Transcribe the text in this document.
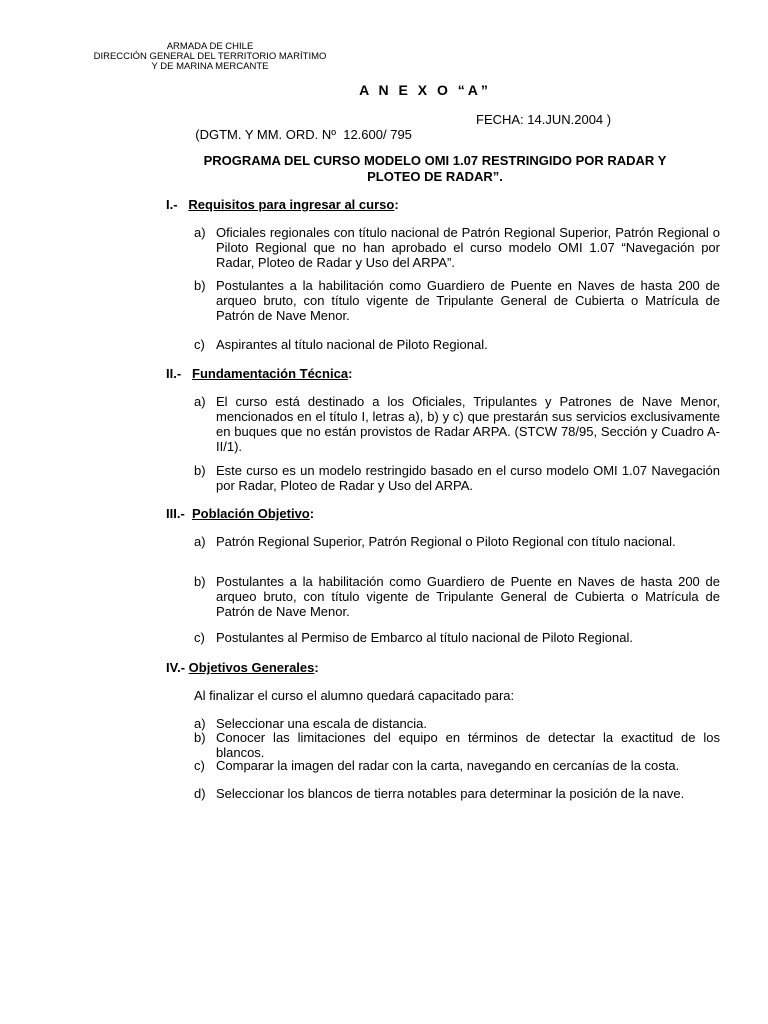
ARMADA DE CHILE
DIRECCIÓN GENERAL DEL TERRITORIO MARÍTIMO
Y DE MARINA MERCANTE
A N E X O “A”

(DGTM. Y MM. ORD. Nº  12.600/ 795

FECHA: 14.JUN.2004 )

PROGRAMA DEL CURSO MODELO OMI 1.07 RESTRINGIDO POR RADAR Y
PLOTEO DE RADAR”.
I.- Requisitos para ingresar al curso:
a) Oficiales regionales con título nacional de Patrón Regional Superior, Patrón Regional o Piloto Regional que no han aprobado el curso modelo OMI 1.07 “Navegación por Radar, Ploteo de Radar y Uso del ARPA”.
b) Postulantes a la habilitación como Guardiero de Puente en Naves de hasta 200 de arqueo bruto, con título vigente de Tripulante General de Cubierta o Matrícula de Patrón de Nave Menor.
c) Aspirantes al título nacional de Piloto Regional.
II.- Fundamentación Técnica:
a) El curso está destinado a los Oficiales, Tripulantes y Patrones de Nave Menor, mencionados en el título I, letras a), b) y c) que prestarán sus servicios exclusivamente en buques que no están provistos de Radar ARPA. (STCW 78/95, Sección y Cuadro A-II/1).
b) Este curso es un modelo restringido basado en el curso modelo OMI 1.07 Navegación por Radar, Ploteo de Radar y Uso del ARPA.
III.- Población Objetivo:
a) Patrón Regional Superior, Patrón Regional o Piloto Regional con título nacional.
b) Postulantes a la habilitación como Guardiero de Puente en Naves de hasta 200 de arqueo bruto, con título vigente de Tripulante General de Cubierta o Matrícula de Patrón de Nave Menor.
c) Postulantes al Permiso de Embarco al título nacional de Piloto Regional.
IV.- Objetivos Generales:
Al finalizar el curso el alumno quedará capacitado para:
a) Seleccionar una escala de distancia.
b) Conocer las limitaciones del equipo en términos de detectar la exactitud de los blancos.
c) Comparar la imagen del radar con la carta, navegando en cercanías de la costa.
d) Seleccionar los blancos de tierra notables para determinar la posición de la nave.
